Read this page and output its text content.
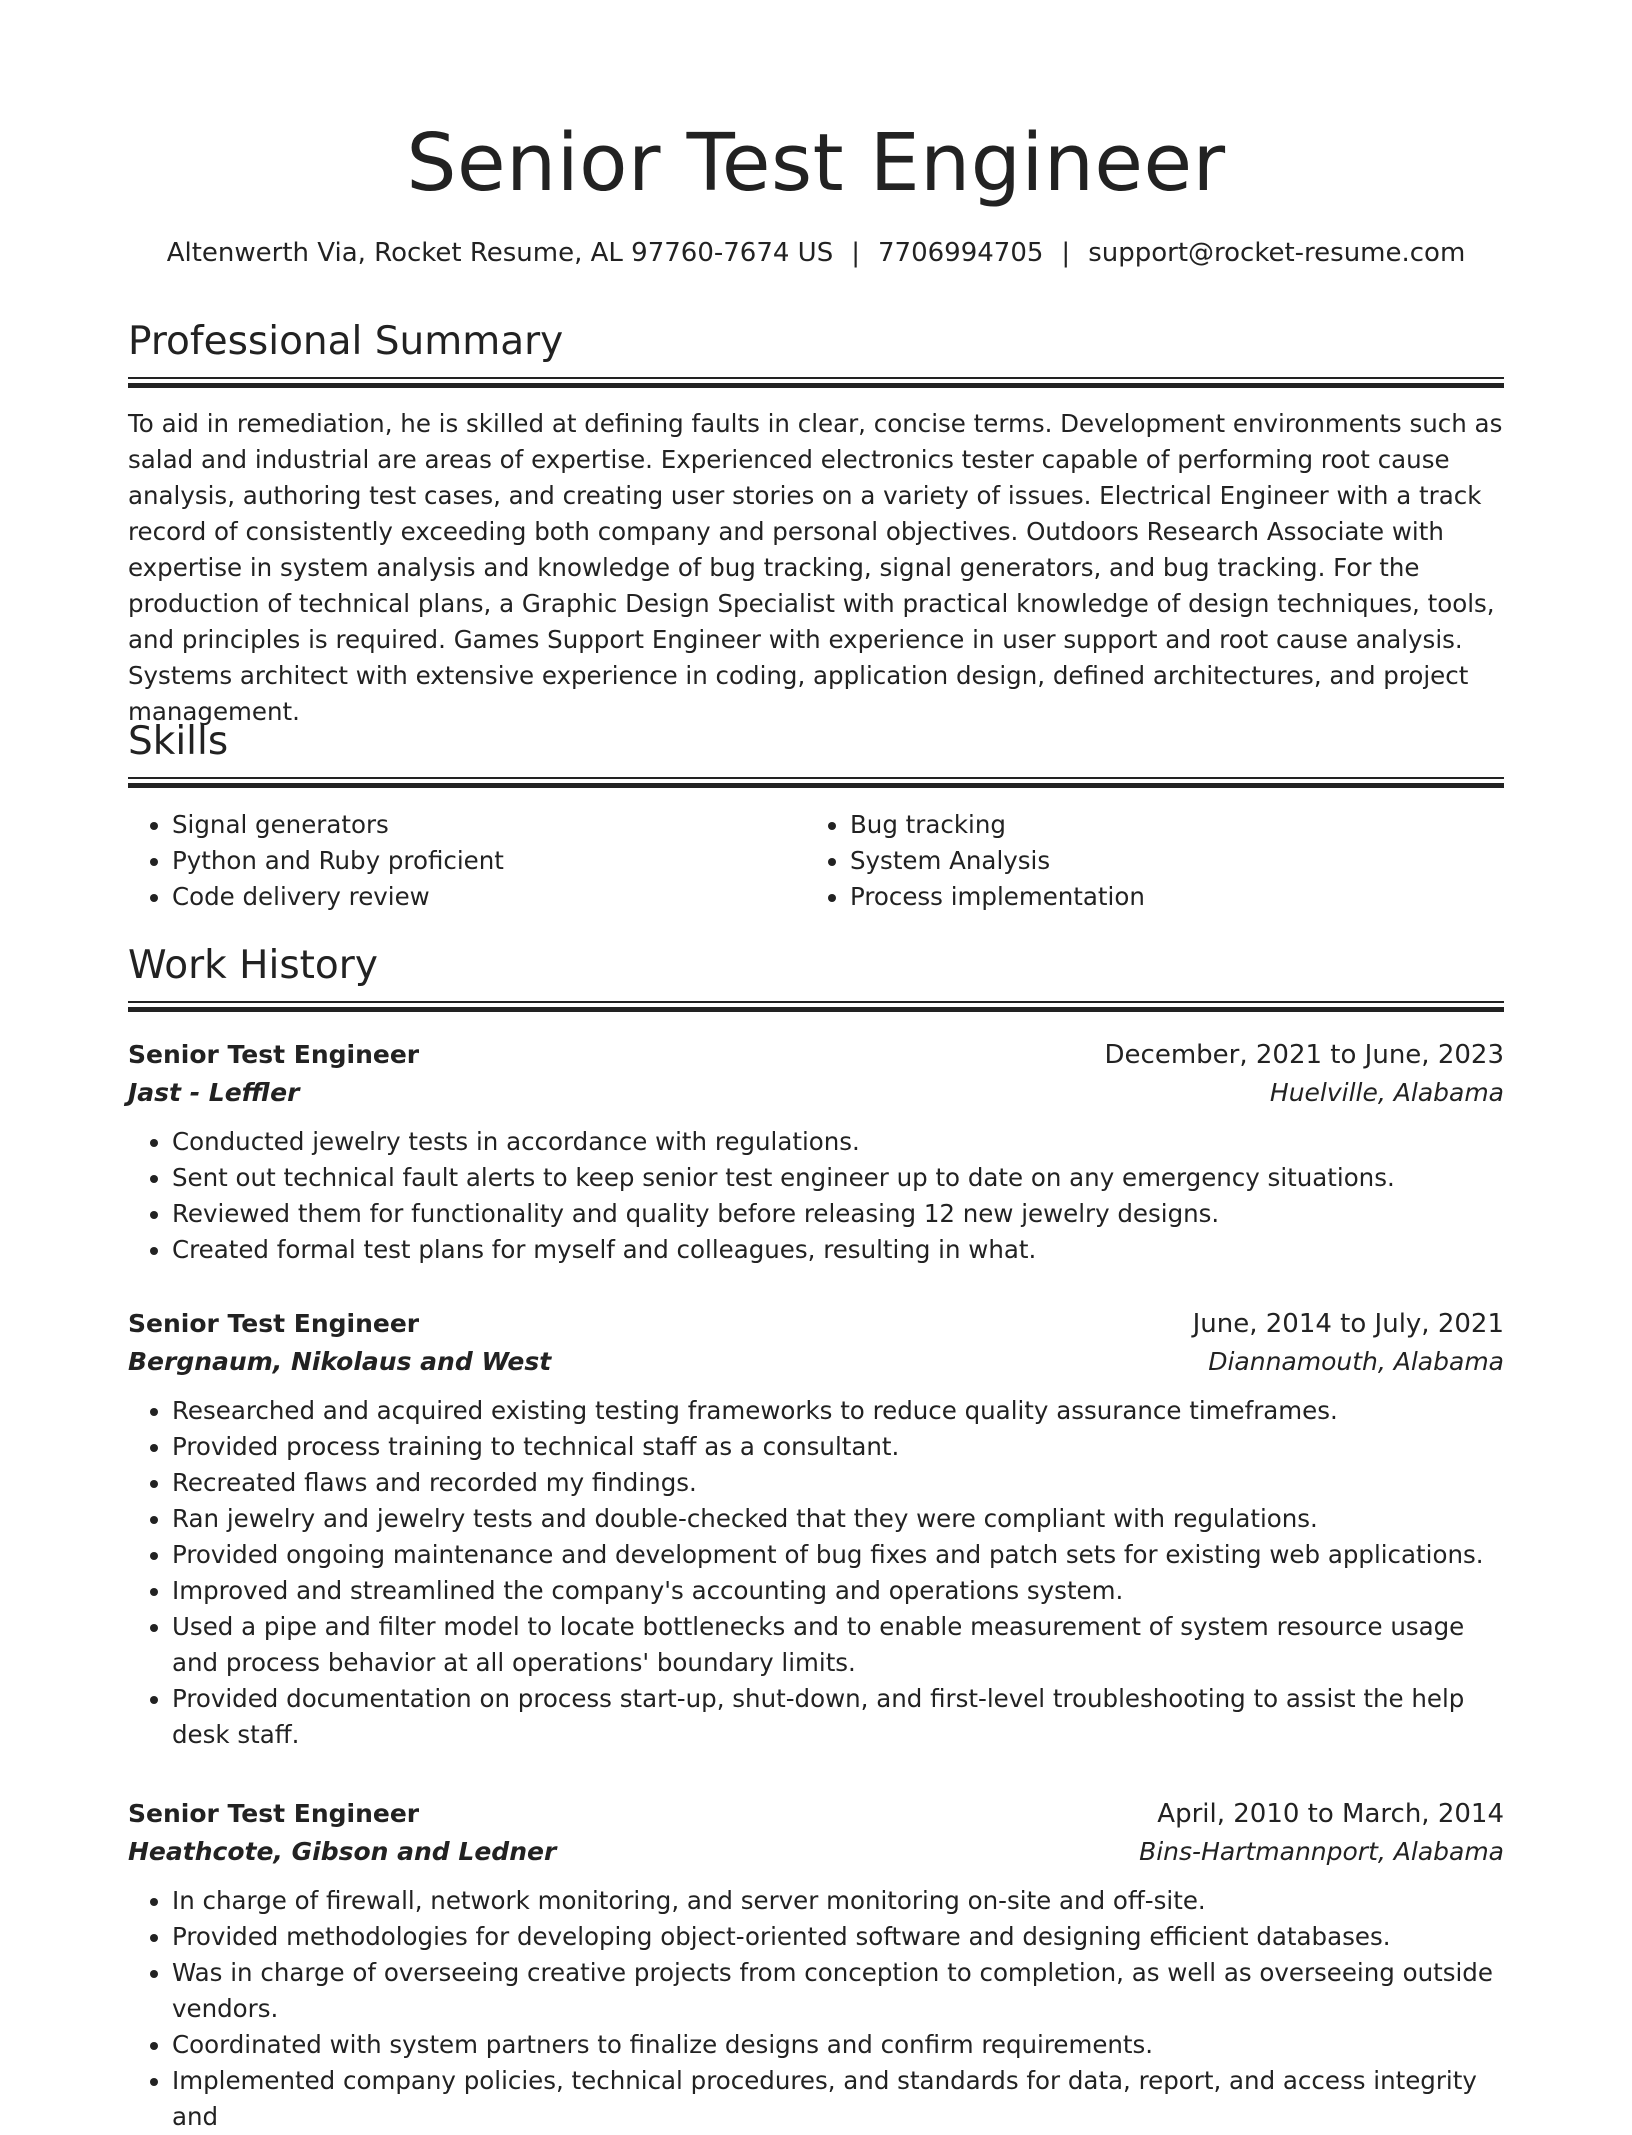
Senior Test Engineer
Altenwerth Via, Rocket Resume, AL 97760-7674 US | 7706994705 | support@rocket-resume.com
Professional Summary

To aid in remediation, he is skilled at defining faults in clear, concise terms. Development environments such as salad and industrial are areas of expertise. Experienced electronics tester capable of performing root cause analysis, authoring test cases, and creating user stories on a variety of issues. Electrical Engineer with a track record of consistently exceeding both company and personal objectives. Outdoors Research Associate with expertise in system analysis and knowledge of bug tracking, signal generators, and bug tracking. For the production of technical plans, a Graphic Design Specialist with practical knowledge of design techniques, tools, and principles is required. Games Support Engineer with experience in user support and root cause analysis. Systems architect with extensive experience in coding, application design, defined architectures, and project management.

Skills
• Signal generators
• Python and Ruby proficient
• Code delivery review
• Bug tracking
• System Analysis
• Process implementation
Work History
Senior Test Engineer	December, 2021 to June, 2023
Jast - Leffler	Huelville, Alabama
• Conducted jewelry tests in accordance with regulations.
• Sent out technical fault alerts to keep senior test engineer up to date on any emergency situations.
• Reviewed them for functionality and quality before releasing 12 new jewelry designs.
• Created formal test plans for myself and colleagues, resulting in what.
Senior Test Engineer	June, 2014 to July, 2021
Bergnaum, Nikolaus and West	Diannamouth, Alabama
• Researched and acquired existing testing frameworks to reduce quality assurance timeframes.
• Provided process training to technical staff as a consultant.
• Recreated flaws and recorded my findings.
• Ran jewelry and jewelry tests and double-checked that they were compliant with regulations.
• Provided ongoing maintenance and development of bug fixes and patch sets for existing web applications.
• Improved and streamlined the company's accounting and operations system.
• Used a pipe and filter model to locate bottlenecks and to enable measurement of system resource usage and process behavior at all operations' boundary limits.
• Provided documentation on process start-up, shut-down, and first-level troubleshooting to assist the help desk staff.
Senior Test Engineer	April, 2010 to March, 2014
Heathcote, Gibson and Ledner	Bins-Hartmannport, Alabama
• In charge of firewall, network monitoring, and server monitoring on-site and off-site.
• Provided methodologies for developing object-oriented software and designing efficient databases.
• Was in charge of overseeing creative projects from conception to completion, as well as overseeing outside vendors.
• Coordinated with system partners to finalize designs and confirm requirements.
• Implemented company policies, technical procedures, and standards for data, report, and access integrity and
